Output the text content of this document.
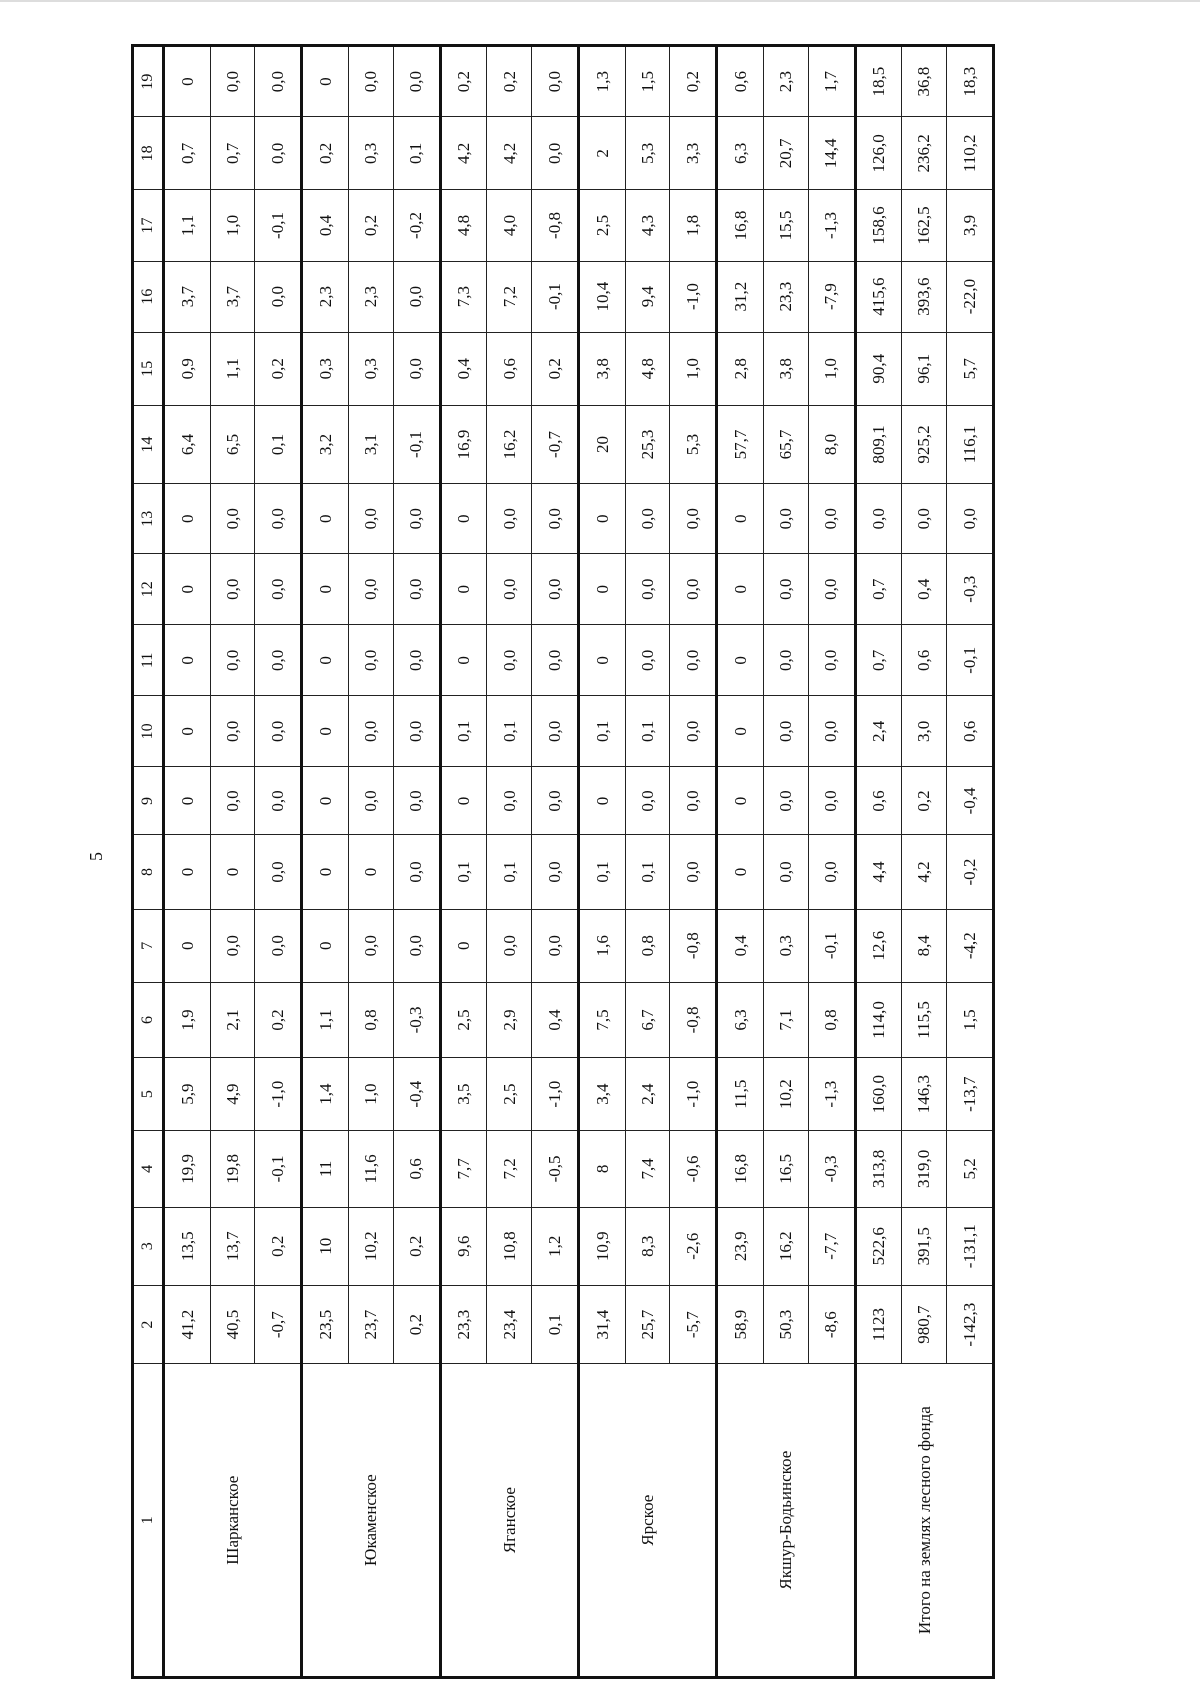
5
1	2	3	4	5	6	7	8	9	10	11	12	13	14	15	16	17	18	19
Шарканское	41,2	13,5	19,9	5,9	1,9	0	0	0	0	0	0	0	6,4	0,9	3,7	1,1	0,7	0
	40,5	13,7	19,8	4,9	2,1	0,0	0	0,0	0,0	0,0	0,0	0,0	6,5	1,1	3,7	1,0	0,7	0,0
	-0,7	0,2	-0,1	-1,0	0,2	0,0	0,0	0,0	0,0	0,0	0,0	0,0	0,1	0,2	0,0	-0,1	0,0	0,0
Юкаменское	23,5	10	11	1,4	1,1	0	0	0	0	0	0	0	3,2	0,3	2,3	0,4	0,2	0
	23,7	10,2	11,6	1,0	0,8	0,0	0	0,0	0,0	0,0	0,0	0,0	3,1	0,3	2,3	0,2	0,3	0,0
	0,2	0,2	0,6	-0,4	-0,3	0,0	0,0	0,0	0,0	0,0	0,0	0,0	-0,1	0,0	0,0	-0,2	0,1	0,0
Яганское	23,3	9,6	7,7	3,5	2,5	0	0,1	0	0,1	0	0	0	16,9	0,4	7,3	4,8	4,2	0,2
	23,4	10,8	7,2	2,5	2,9	0,0	0,1	0,0	0,1	0,0	0,0	0,0	16,2	0,6	7,2	4,0	4,2	0,2
	0,1	1,2	-0,5	-1,0	0,4	0,0	0,0	0,0	0,0	0,0	0,0	0,0	-0,7	0,2	-0,1	-0,8	0,0	0,0
Ярское	31,4	10,9	8	3,4	7,5	1,6	0,1	0	0,1	0	0	0	20	3,8	10,4	2,5	2	1,3
	25,7	8,3	7,4	2,4	6,7	0,8	0,1	0,0	0,1	0,0	0,0	0,0	25,3	4,8	9,4	4,3	5,3	1,5
	-5,7	-2,6	-0,6	-1,0	-0,8	-0,8	0,0	0,0	0,0	0,0	0,0	0,0	5,3	1,0	-1,0	1,8	3,3	0,2
Якшур-Бодьинское	58,9	23,9	16,8	11,5	6,3	0,4	0	0	0	0	0	0	57,7	2,8	31,2	16,8	6,3	0,6
	50,3	16,2	16,5	10,2	7,1	0,3	0,0	0,0	0,0	0,0	0,0	0,0	65,7	3,8	23,3	15,5	20,7	2,3
	-8,6	-7,7	-0,3	-1,3	0,8	-0,1	0,0	0,0	0,0	0,0	0,0	0,0	8,0	1,0	-7,9	-1,3	14,4	1,7
Итого на землях лесного фонда	1123	522,6	313,8	160,0	114,0	12,6	4,4	0,6	2,4	0,7	0,7	0,0	809,1	90,4	415,6	158,6	126,0	18,5
	980,7	391,5	319,0	146,3	115,5	8,4	4,2	0,2	3,0	0,6	0,4	0,0	925,2	96,1	393,6	162,5	236,2	36,8
	-142,3	-131,1	5,2	-13,7	1,5	-4,2	-0,2	-0,4	0,6	-0,1	-0,3	0,0	116,1	5,7	-22,0	3,9	110,2	18,3
